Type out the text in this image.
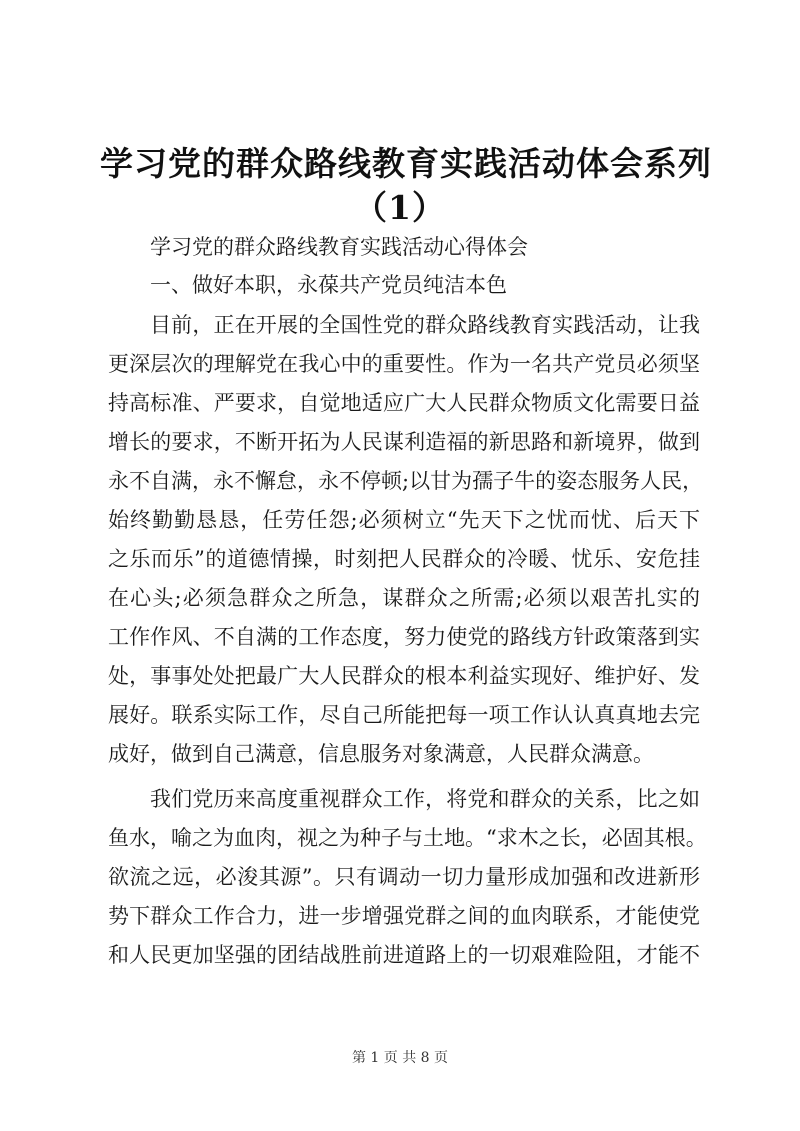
学习党的群众路线教育实践活动体会系列
（1）
学习党的群众路线教育实践活动心得体会
一、做好本职，永葆共产党员纯洁本色
目前，正在开展的全国性党的群众路线教育实践活动，让我
更深层次的理解党在我心中的重要性。作为一名共产党员必须坚
持高标准、严要求，自觉地适应广大人民群众物质文化需要日益
增长的要求，不断开拓为人民谋利造福的新思路和新境界，做到
永不自满，永不懈怠，永不停顿;以甘为孺子牛的姿态服务人民，
始终勤勤恳恳，任劳任怨;必须树立“先天下之忧而忧、后天下
之乐而乐”的道德情操，时刻把人民群众的冷暖、忧乐、安危挂
在心头;必须急群众之所急，谋群众之所需;必须以艰苦扎实的
工作作风、不自满的工作态度，努力使党的路线方针政策落到实
处，事事处处把最广大人民群众的根本利益实现好、维护好、发
展好。联系实际工作，尽自己所能把每一项工作认认真真地去完
成好，做到自己满意，信息服务对象满意，人民群众满意。
我们党历来高度重视群众工作，将党和群众的关系，比之如
鱼水，喻之为血肉，视之为种子与土地。“求木之长，必固其根。
欲流之远，必浚其源”。只有调动一切力量形成加强和改进新形
势下群众工作合力，进一步增强党群之间的血肉联系，才能使党
和人民更加坚强的团结战胜前进道路上的一切艰难险阻，才能不
第 1 页 共 8 页
